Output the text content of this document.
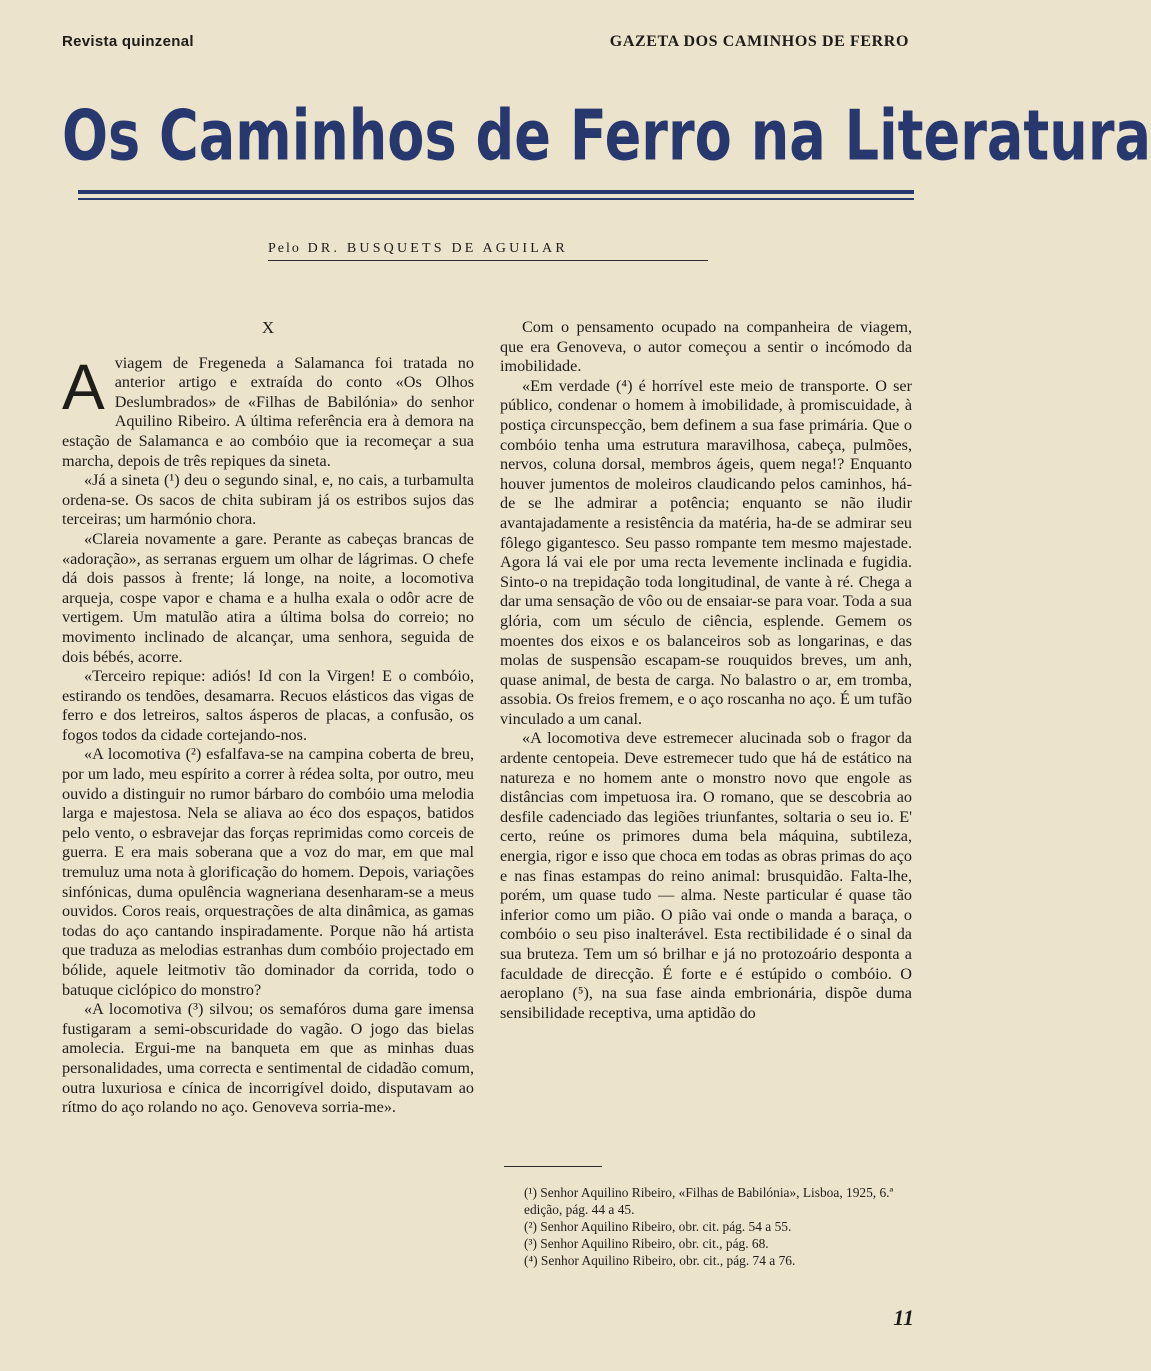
Revista quinzenal	GAZETA DOS CAMINHOS DE FERRO
Os Caminhos de Ferro na Literatura
Pelo DR. BUSQUETS DE AGUILAR
X

Aviagem de Fregeneda a Salamanca foi tratada no anterior artigo e extraída do conto «Os Olhos Deslumbrados» de «Filhas de Babilónia» do senhor Aquilino Ribeiro. A última referência era à demora na estação de Salamanca e ao combóio que ia recomeçar a sua marcha, depois de três repiques da sineta.

«Já a sineta (¹) deu o segundo sinal, e, no cais, a turbamulta ordena-se. Os sacos de chita subiram já os estribos sujos das terceiras; um harmónio chora.

«Clareia novamente a gare. Perante as cabeças brancas de «adoração», as serranas erguem um olhar de lágrimas. O chefe dá dois passos à frente; lá longe, na noite, a locomotiva arqueja, cospe vapor e chama e a hulha exala o odôr acre de vertigem. Um matulão atira a última bolsa do correio; no movimento inclinado de alcançar, uma senhora, seguida de dois bébés, acorre.

«Terceiro repique: adiós! Id con la Virgen! E o combóio, estirando os tendões, desamarra. Recuos elásticos das vigas de ferro e dos letreiros, saltos ásperos de placas, a confusão, os fogos todos da cidade cortejando-nos.

«A locomotiva (²) esfalfava-se na campina coberta de breu, por um lado, meu espírito a correr à rédea solta, por outro, meu ouvido a distinguir no rumor bárbaro do combóio uma melodia larga e majestosa. Nela se aliava ao éco dos espaços, batidos pelo vento, o esbravejar das forças reprimidas como corceis de guerra. E era mais soberana que a voz do mar, em que mal tremuluz uma nota à glorificação do homem. Depois, variações sinfónicas, duma opulência wagneriana desenharam-se a meus ouvidos. Coros reais, orquestrações de alta dinâmica, as gamas todas do aço cantando inspiradamente. Porque não há artista que traduza as melodias estranhas dum combóio projectado em bólide, aquele leitmotiv tão dominador da corrida, todo o batuque ciclópico do monstro?

«A locomotiva (³) silvou; os semafóros duma gare imensa fustigaram a semi-obscuridade do vagão. O jogo das bielas amolecia. Ergui-me na banqueta em que as minhas duas personalidades, uma correcta e sentimental de cidadão comum, outra luxuriosa e cínica de incorrigível doido, disputavam ao rítmo do aço rolando no aço. Genoveva sorria-me».

Com o pensamento ocupado na companheira de viagem, que era Genoveva, o autor começou a sentir o incómodo da imobilidade.

«Em verdade (⁴) é horrível este meio de transporte. O ser público, condenar o homem à imobilidade, à promiscuidade, à postiça circunspecção, bem definem a sua fase primária. Que o combóio tenha uma estrutura maravilhosa, cabeça, pulmões, nervos, coluna dorsal, membros ágeis, quem nega!? Enquanto houver jumentos de moleiros claudicando pelos caminhos, há-de se lhe admirar a potência; enquanto se não iludir avantajadamente a resistência da matéria, ha-de se admirar seu fôlego gigantesco. Seu passo rompante tem mesmo majestade. Agora lá vai ele por uma recta levemente inclinada e fugidia. Sinto-o na trepidação toda longitudinal, de vante à ré. Chega a dar uma sensação de vôo ou de ensaiar-se para voar. Toda a sua glória, com um século de ciência, esplende. Gemem os moentes dos eixos e os balanceiros sob as longarinas, e das molas de suspensão escapam-se rouquidos breves, um anh, quase animal, de besta de carga. No balastro o ar, em tromba, assobia. Os freios fremem, e o aço roscanha no aço. É um tufão vinculado a um canal.

«A locomotiva deve estremecer alucinada sob o fragor da ardente centopeia. Deve estremecer tudo que há de estático na natureza e no homem ante o monstro novo que engole as distâncias com impetuosa ira. O romano, que se descobria ao desfile cadenciado das legiões triunfantes, soltaria o seu io. E' certo, reúne os primores duma bela máquina, subtileza, energia, rigor e isso que choca em todas as obras primas do aço e nas finas estampas do reino animal: brusquidão. Falta-lhe, porém, um quase tudo — alma. Neste particular é quase tão inferior como um pião. O pião vai onde o manda a baraça, o combóio o seu piso inalterável. Esta rectibilidade é o sinal da sua bruteza. Tem um só brilhar e já no protozoário desponta a faculdade de direcção. É forte e é estúpido o combóio. O aeroplano (⁵), na sua fase ainda embrionária, dispõe duma sensibilidade receptiva, uma aptidão do

(¹) Senhor Aquilino Ribeiro, «Filhas de Babilónia», Lisboa, 1925, 6.ª edição, pág. 44 a 45.

(²) Senhor Aquilino Ribeiro, obr. cit. pág. 54 a 55.

(³) Senhor Aquilino Ribeiro, obr. cit., pág. 68.

(⁴) Senhor Aquilino Ribeiro, obr. cit., pág. 74 a 76.

11
